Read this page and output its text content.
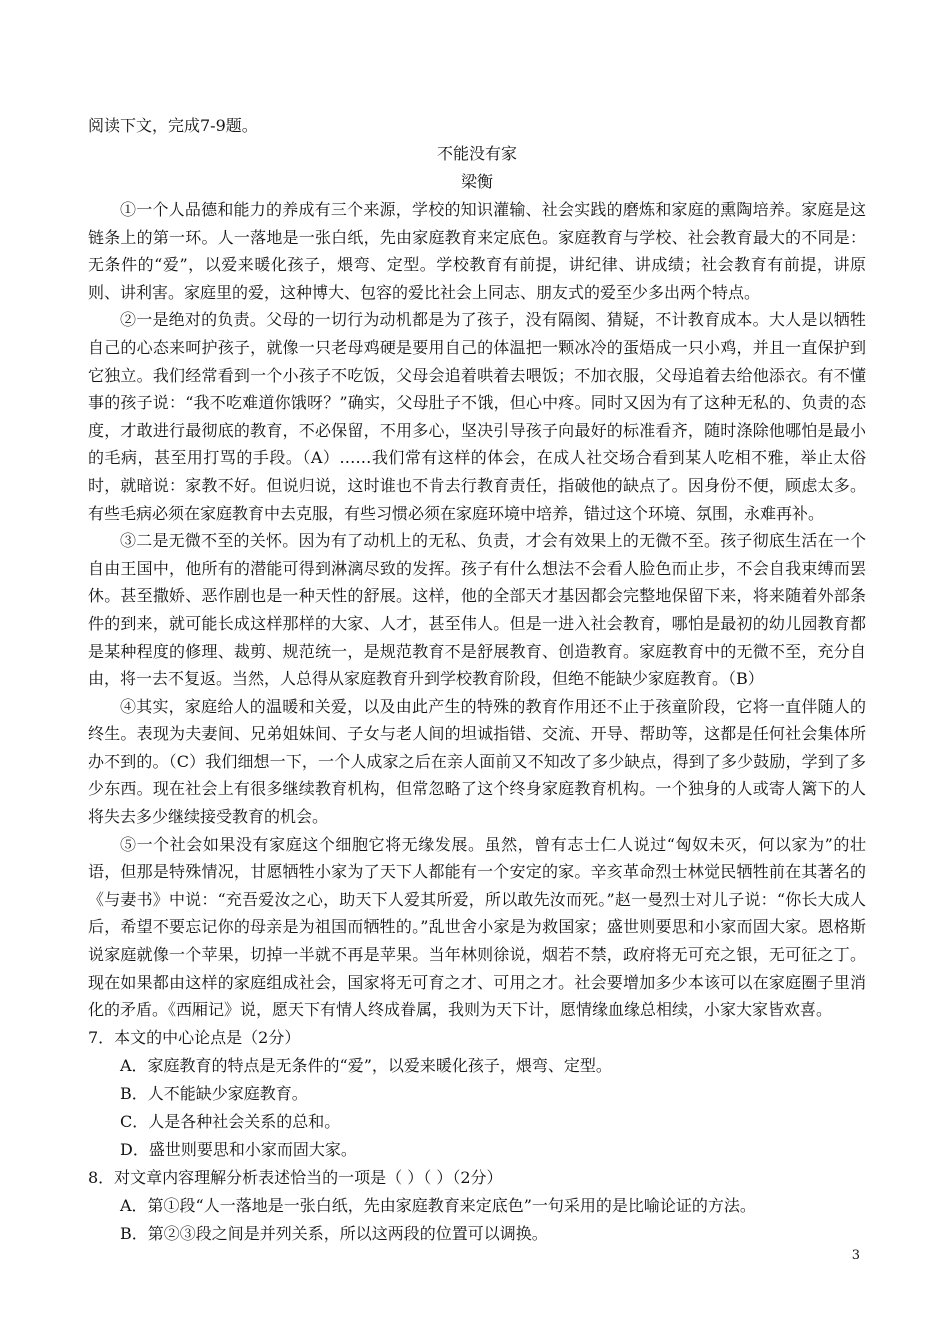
阅读下文，完成7-9题。

不能没有家

梁衡

①一个人品德和能力的养成有三个来源，学校的知识灌输、社会实践的磨炼和家庭的熏陶培养。家庭是这链条上的第一环。人一落地是一张白纸，先由家庭教育来定底色。家庭教育与学校、社会教育最大的不同是：无条件的“爱”，以爱来暖化孩子，煨弯、定型。学校教育有前提，讲纪律、讲成绩；社会教育有前提，讲原则、讲利害。家庭里的爱，这种博大、包容的爱比社会上同志、朋友式的爱至少多出两个特点。

②一是绝对的负责。父母的一切行为动机都是为了孩子，没有隔阂、猜疑，不计教育成本。大人是以牺牲自己的心态来呵护孩子，就像一只老母鸡硬是要用自己的体温把一颗冰冷的蛋焐成一只小鸡，并且一直保护到它独立。我们经常看到一个小孩子不吃饭，父母会追着哄着去喂饭；不加衣服，父母追着去给他添衣。有不懂事的孩子说：“我不吃难道你饿呀？”确实，父母肚子不饿，但心中疼。同时又因为有了这种无私的、负责的态度，才敢进行最彻底的教育，不必保留，不用多心，坚决引导孩子向最好的标准看齐，随时涤除他哪怕是最小的毛病，甚至用打骂的手段。（A）……我们常有这样的体会，在成人社交场合看到某人吃相不雅，举止太俗时，就暗说：家教不好。但说归说，这时谁也不肯去行教育责任，指破他的缺点了。因身份不便，顾虑太多。有些毛病必须在家庭教育中去克服，有些习惯必须在家庭环境中培养，错过这个环境、氛围，永难再补。

③二是无微不至的关怀。因为有了动机上的无私、负责，才会有效果上的无微不至。孩子彻底生活在一个自由王国中，他所有的潜能可得到淋漓尽致的发挥。孩子有什么想法不会看人脸色而止步，不会自我束缚而罢休。甚至撒娇、恶作剧也是一种天性的舒展。这样，他的全部天才基因都会完整地保留下来，将来随着外部条件的到来，就可能长成这样那样的大家、人才，甚至伟人。但是一进入社会教育，哪怕是最初的幼儿园教育都是某种程度的修理、裁剪、规范统一，是规范教育不是舒展教育、创造教育。家庭教育中的无微不至，充分自由，将一去不复返。当然，人总得从家庭教育升到学校教育阶段，但绝不能缺少家庭教育。（B）

④其实，家庭给人的温暖和关爱，以及由此产生的特殊的教育作用还不止于孩童阶段，它将一直伴随人的终生。表现为夫妻间、兄弟姐妹间、子女与老人间的坦诚指错、交流、开导、帮助等，这都是任何社会集体所办不到的。（C）我们细想一下，一个人成家之后在亲人面前又不知改了多少缺点，得到了多少鼓励，学到了多少东西。现在社会上有很多继续教育机构，但常忽略了这个终身家庭教育机构。一个独身的人或寄人篱下的人将失去多少继续接受教育的机会。

⑤一个社会如果没有家庭这个细胞它将无缘发展。虽然，曾有志士仁人说过“匈奴未灭，何以家为”的壮语，但那是特殊情况，甘愿牺牲小家为了天下人都能有一个安定的家。辛亥革命烈士林觉民牺牲前在其著名的《与妻书》中说：“充吾爱汝之心，助天下人爱其所爱，所以敢先汝而死。”赵一曼烈士对儿子说：“你长大成人后，希望不要忘记你的母亲是为祖国而牺牲的。”乱世舍小家是为救国家；盛世则要思和小家而固大家。恩格斯说家庭就像一个苹果，切掉一半就不再是苹果。当年林则徐说，烟若不禁，政府将无可充之银，无可征之丁。现在如果都由这样的家庭组成社会，国家将无可育之才、可用之才。社会要增加多少本该可以在家庭圈子里消化的矛盾。《西厢记》说，愿天下有情人终成眷属，我则为天下计，愿情缘血缘总相续，小家大家皆欢喜。

7．本文的中心论点是（2分）

A．家庭教育的特点是无条件的“爱”，以爱来暖化孩子，煨弯、定型。

B．人不能缺少家庭教育。

C．人是各种社会关系的总和。

D．盛世则要思和小家而固大家。

8．对文章内容理解分析表述恰当的一项是（ ）（ ）（2分）

A．第①段“人一落地是一张白纸，先由家庭教育来定底色”一句采用的是比喻论证的方法。

B．第②③段之间是并列关系，所以这两段的位置可以调换。

3
